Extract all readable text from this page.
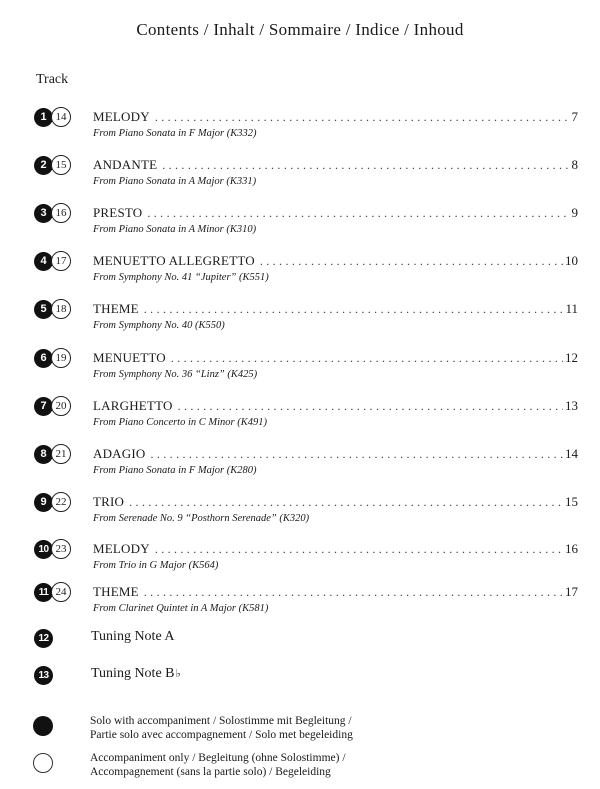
Contents / Inhalt / Sommaire / Indice / Inhoud
Track
1 14	MELODY . . .	7
From Piano Sonata in F Major (K332)
2 15	ANDANTE . . .	8
From Piano Sonata in A Major (K331)
3 16	PRESTO . . .	9
From Piano Sonata in A Minor (K310)
4 17	MENUETTO ALLEGRETTO . . .	10
From Symphony No. 41 “Jupiter” (K551)
5 18	THEME . . .	11
From Symphony No. 40 (K550)
6 19	MENUETTO . . .	12
From Symphony No. 36 “Linz” (K425)
7 20	LARGHETTO . . .	13
From Piano Concerto in C Minor (K491)
8 21	ADAGIO . . .	14
From Piano Sonata in F Major (K280)
9 22	TRIO . . .	15
From Serenade No. 9 “Posthorn Serenade” (K320)
10 23	MELODY . . .	16
From Trio in G Major (K564)
11 24	THEME . . .	17
From Clarinet Quintet in A Major (K581)
12	Tuning Note A
13	Tuning Note B♭
Solo with accompaniment / Solostimme mit Begleitung /
Partie solo avec accompagnement / Solo met begeleiding
Accompaniment only / Begleitung (ohne Solostimme) /
Accompagnement (sans la partie solo) / Begeleiding
